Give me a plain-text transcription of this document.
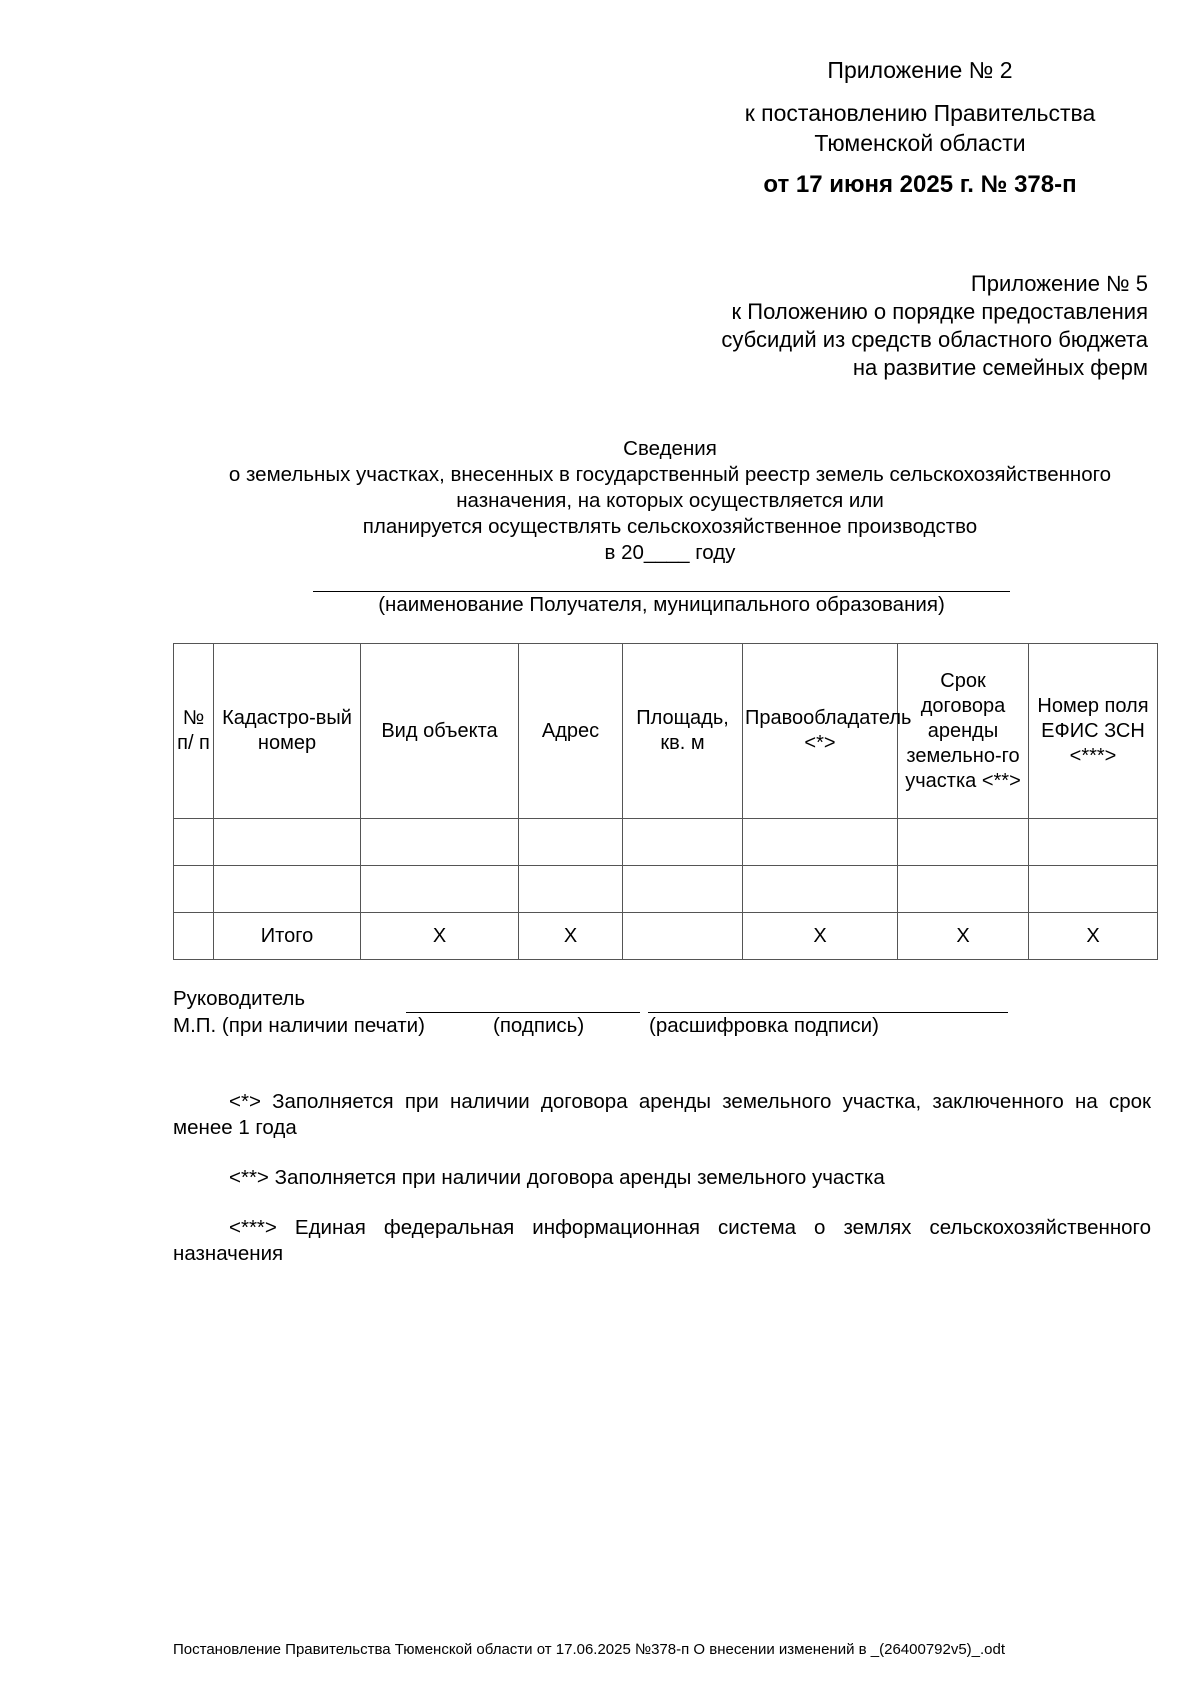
Приложение № 2
к постановлению Правительства
Тюменской области
от 17 июня 2025 г. № 378-п
Приложение № 5
к Положению о порядке предоставления
субсидий из средств областного бюджета
на развитие семейных ферм
Сведения
о земельных участках, внесенных в государственный реестр земель сельскохозяйственного
назначения, на которых осуществляется или
планируется осуществлять сельскохозяйственное производство
в 20____ году
(наименование Получателя, муниципального образования)
№ п/ п	Кадастро-вый номер	Вид объекта	Адрес	Площадь, кв. м	Правообладатель <*>	Срок договора аренды земельно-го участка <**>	Номер поля ЕФИС ЗСН <***>

	Итого	X	X		X	X	X
Руководитель
М.П. (при наличии печати)	(подпись)	(расшифровка подписи)
<*> Заполняется при наличии договора аренды земельного участка, заключенного на срок менее 1 года
<**> Заполняется при наличии договора аренды земельного участка
<***> Единая федеральная информационная система о землях сельскохозяйственного назначения
Постановление Правительства Тюменской области от 17.06.2025 №378-п О внесении изменений в _(26400792v5)_.odt
